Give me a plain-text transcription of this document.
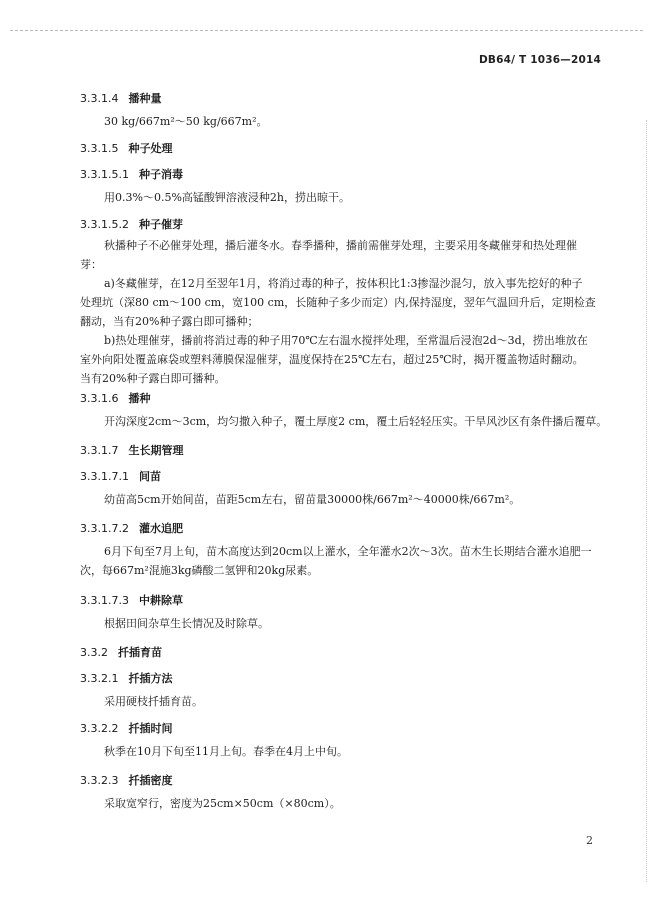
DB64/ T 1036—2014
3.3.1.4 播种量
30 kg/667m²～50 kg/667m²。
3.3.1.5 种子处理
3.3.1.5.1 种子消毒
用0.3%～0.5%高锰酸钾溶液浸种2h，捞出晾干。
3.3.1.5.2 种子催芽
秋播种子不必催芽处理，播后灌冬水。春季播种，播前需催芽处理，主要采用冬藏催芽和热处理催
芽：
a)冬藏催芽，在12月至翌年1月，将消过毒的种子，按体积比1:3掺湿沙混匀，放入事先挖好的种子
处理坑（深80 cm～100 cm，宽100 cm，长随种子多少而定）内,保持湿度，翌年气温回升后，定期检查
翻动，当有20%种子露白即可播种；
b)热处理催芽，播前将消过毒的种子用70℃左右温水搅拌处理，至常温后浸泡2d～3d，捞出堆放在
室外向阳处覆盖麻袋或塑料薄膜保湿催芽，温度保持在25℃左右，超过25℃时，揭开覆盖物适时翻动。
当有20%种子露白即可播种。
3.3.1.6 播种
开沟深度2cm～3cm，均匀撒入种子，覆土厚度2 cm，覆土后轻轻压实。干旱风沙区有条件播后覆草。
3.3.1.7 生长期管理
3.3.1.7.1 间苗
幼苗高5cm开始间苗，苗距5cm左右，留苗量30000株/667m²～40000株/667m²。
3.3.1.7.2 灌水追肥
6月下旬至7月上旬，苗木高度达到20cm以上灌水，全年灌水2次～3次。苗木生长期结合灌水追肥一
次，每667m²混施3kg磷酸二氢钾和20kg尿素。
3.3.1.7.3 中耕除草
根据田间杂草生长情况及时除草。
3.3.2 扦插育苗
3.3.2.1 扦插方法
采用硬枝扦插育苗。
3.3.2.2 扦插时间
秋季在10月下旬至11月上旬。春季在4月上中旬。
3.3.2.3 扦插密度
采取宽窄行，密度为25cm×50cm（×80cm）。
2
